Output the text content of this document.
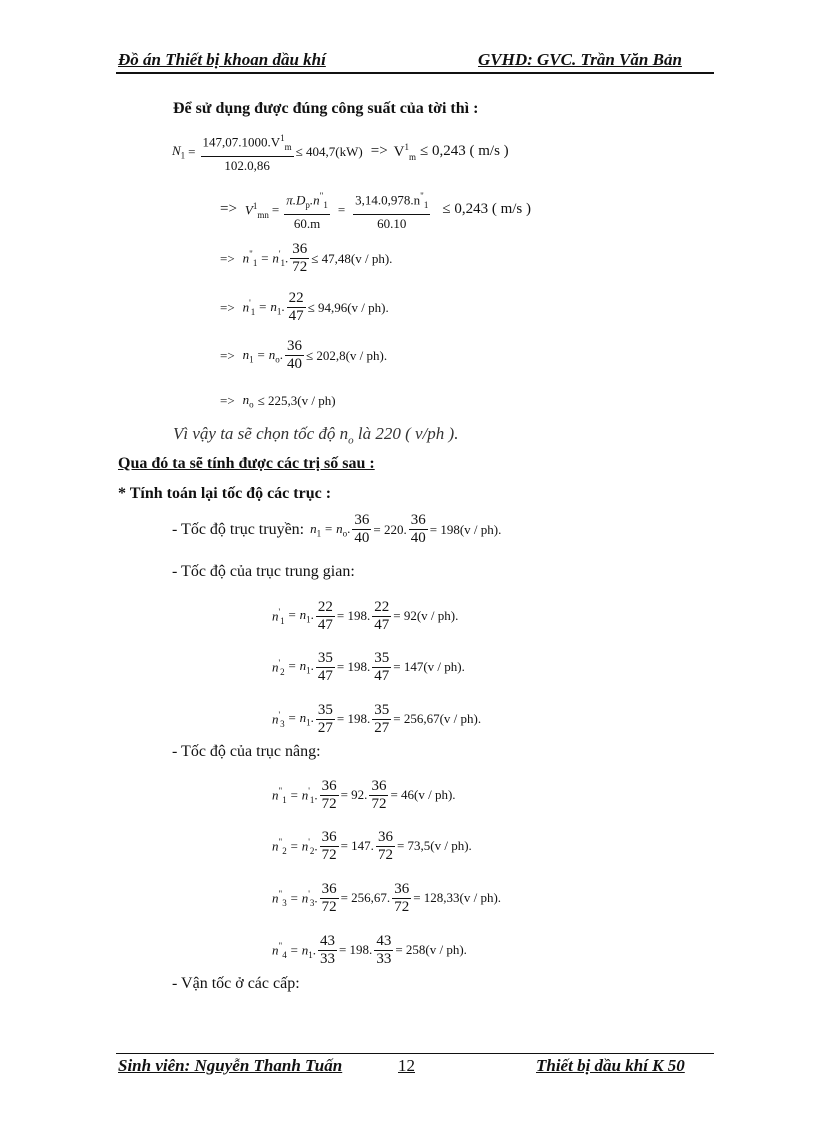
Đồ án Thiết bị khoan dầu khí	GVHD: GVC. Trần Văn Bản
Để sử dụng được đúng công suất của tời thì :
$N_1 = \frac{147,07.1000.V^1_m}{102.0,86} \le 404,7(kW) => V^1_m \le 0,243$ ( m/s )
=> $V^1_{mn} = \frac{\pi.D_p.n^"_1}{60.m} = \frac{3,14.0,978.n^"_1}{60.10} \le 0,243$ ( m/s )
=> $n^"_1 = n'_1$. $\frac{36}{72} \le 47,48(v / ph)$.
=> $n'_1 = n_1$. $\frac{22}{47} \le 94,96(v / ph)$.
=> $n_1 = n_o$. $\frac{36}{40} \le 202,8(v / ph)$.
=> $n_o \le 225,3(v / ph)$
Vì vậy ta sẽ chọn tốc độ $n_o$ là 220 ( v/ph ).
Qua đó ta sẽ tính được các trị số sau :
* Tính toán lại tốc độ các trục :
- Tốc độ trục truyền: $n_1 = n_o$. $\frac{36}{40} = 220$. $\frac{36}{40} = 198(v / ph)$.
- Tốc độ của trục trung gian:
$n'_1 = n_1$. $\frac{22}{47} = 198$. $\frac{22}{47} = 92(v / ph)$.
$n'_2 = n_1$. $\frac{35}{47} = 198$. $\frac{35}{47} = 147(v / ph)$.
$n'_3 = n_1$. $\frac{35}{27} = 198$. $\frac{35}{27} = 256,67(v / ph)$.
- Tốc độ của trục nâng:
$n^"_1 = n'_1$. $\frac{36}{72} = 92$. $\frac{36}{72} = 46(v / ph)$.
$n^"_2 = n'_2$. $\frac{36}{72} = 147$. $\frac{36}{72} = 73,5(v / ph)$.
$n^"_3 = n'_3$. $\frac{36}{72} = 256,67$. $\frac{36}{72} = 128,33(v / ph)$.
$n^"_4 = n_1$. $\frac{43}{33} = 198$. $\frac{43}{33} = 258(v / ph)$.
- Vận tốc ở các cấp:
Sinh viên: Nguyễn Thanh Tuấn	12	Thiết bị dầu khí K 50
